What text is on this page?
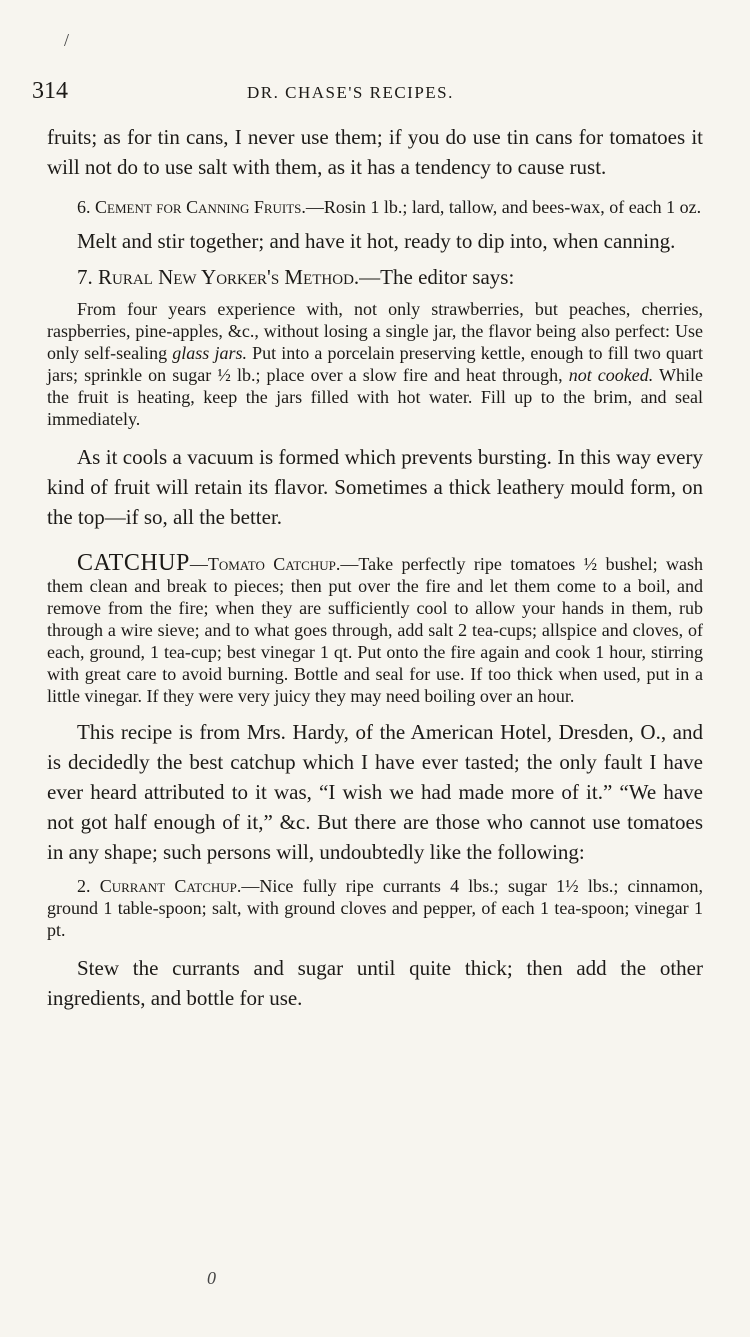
/
314	DR. CHASE'S RECIPES.

fruits; as for tin cans, I never use them; if you do use tin cans for tomatoes it will not do to use salt with them, as it has a tendency to cause rust.

6. Cement for Canning Fruits.—Rosin 1 lb.; lard, tallow, and bees-wax, of each 1 oz.

Melt and stir together; and have it hot, ready to dip into, when canning.

7. Rural New Yorker's Method.—The editor says:

From four years experience with, not only strawberries, but peaches, cherries, raspberries, pine-apples, &c., without losing a single jar, the flavor being also perfect: Use only self-sealing glass jars. Put into a porcelain preserving kettle, enough to fill two quart jars; sprinkle on sugar ½ lb.; place over a slow fire and heat through, not cooked. While the fruit is heating, keep the jars filled with hot water. Fill up to the brim, and seal immediately.

As it cools a vacuum is formed which prevents bursting. In this way every kind of fruit will retain its flavor. Sometimes a thick leathery mould form, on the top—if so, all the better.

CATCHUP—Tomato Catchup.—Take perfectly ripe tomatoes ½ bushel; wash them clean and break to pieces; then put over the fire and let them come to a boil, and remove from the fire; when they are sufficiently cool to allow your hands in them, rub through a wire sieve; and to what goes through, add salt 2 tea-cups; allspice and cloves, of each, ground, 1 tea-cup; best vinegar 1 qt. Put onto the fire again and cook 1 hour, stirring with great care to avoid burning. Bottle and seal for use. If too thick when used, put in a little vinegar. If they were very juicy they may need boiling over an hour.

This recipe is from Mrs. Hardy, of the American Hotel, Dresden, O., and is decidedly the best catchup which I have ever tasted; the only fault I have ever heard attributed to it was, “I wish we had made more of it.” “We have not got half enough of it,” &c. But there are those who cannot use tomatoes in any shape; such persons will, undoubtedly like the following:

2. Currant Catchup.—Nice fully ripe currants 4 lbs.; sugar 1½ lbs.; cinnamon, ground 1 table-spoon; salt, with ground cloves and pepper, of each 1 tea-spoon; vinegar 1 pt.

Stew the currants and sugar until quite thick; then add the other ingredients, and bottle for use.

0
